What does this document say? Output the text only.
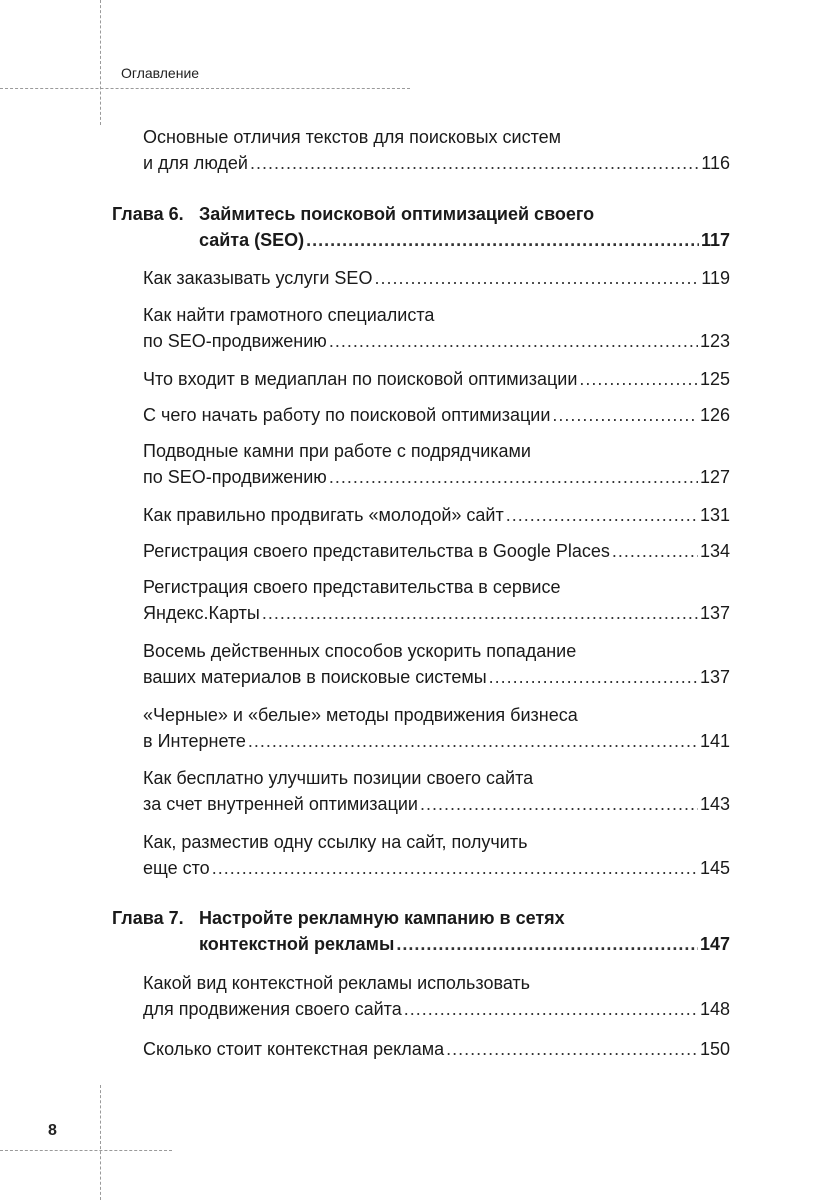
Оглавление
Основные отличия текстов для поисковых систем
и для людей .....	116
Глава 6. Займитесь поисковой оптимизацией своего
сайта (SEO) .....	117
Как заказывать услуги SEO .....	119
Как найти грамотного специалиста
по SEO-продвижению .....	123
Что входит в медиаплан по поисковой оптимизации .....	125
С чего начать работу по поисковой оптимизации .....	126
Подводные камни при работе с подрядчиками
по SEO-продвижению .....	127
Как правильно продвигать «молодой» сайт .....	131
Регистрация своего представительства в Google Places .....	134
Регистрация своего представительства в сервисе
Яндекс.Карты .....	137
Восемь действенных способов ускорить попадание
ваших материалов в поисковые системы .....	137
«Черные» и «белые» методы продвижения бизнеса
в Интернете .....	141
Как бесплатно улучшить позиции своего сайта
за счет внутренней оптимизации .....	143
Как, разместив одну ссылку на сайт, получить
еще сто .....	145
Глава 7. Настройте рекламную кампанию в сетях
контекстной рекламы .....	147
Какой вид контекстной рекламы использовать
для продвижения своего сайта .....	148
Сколько стоит контекстная реклама .....	150
8
